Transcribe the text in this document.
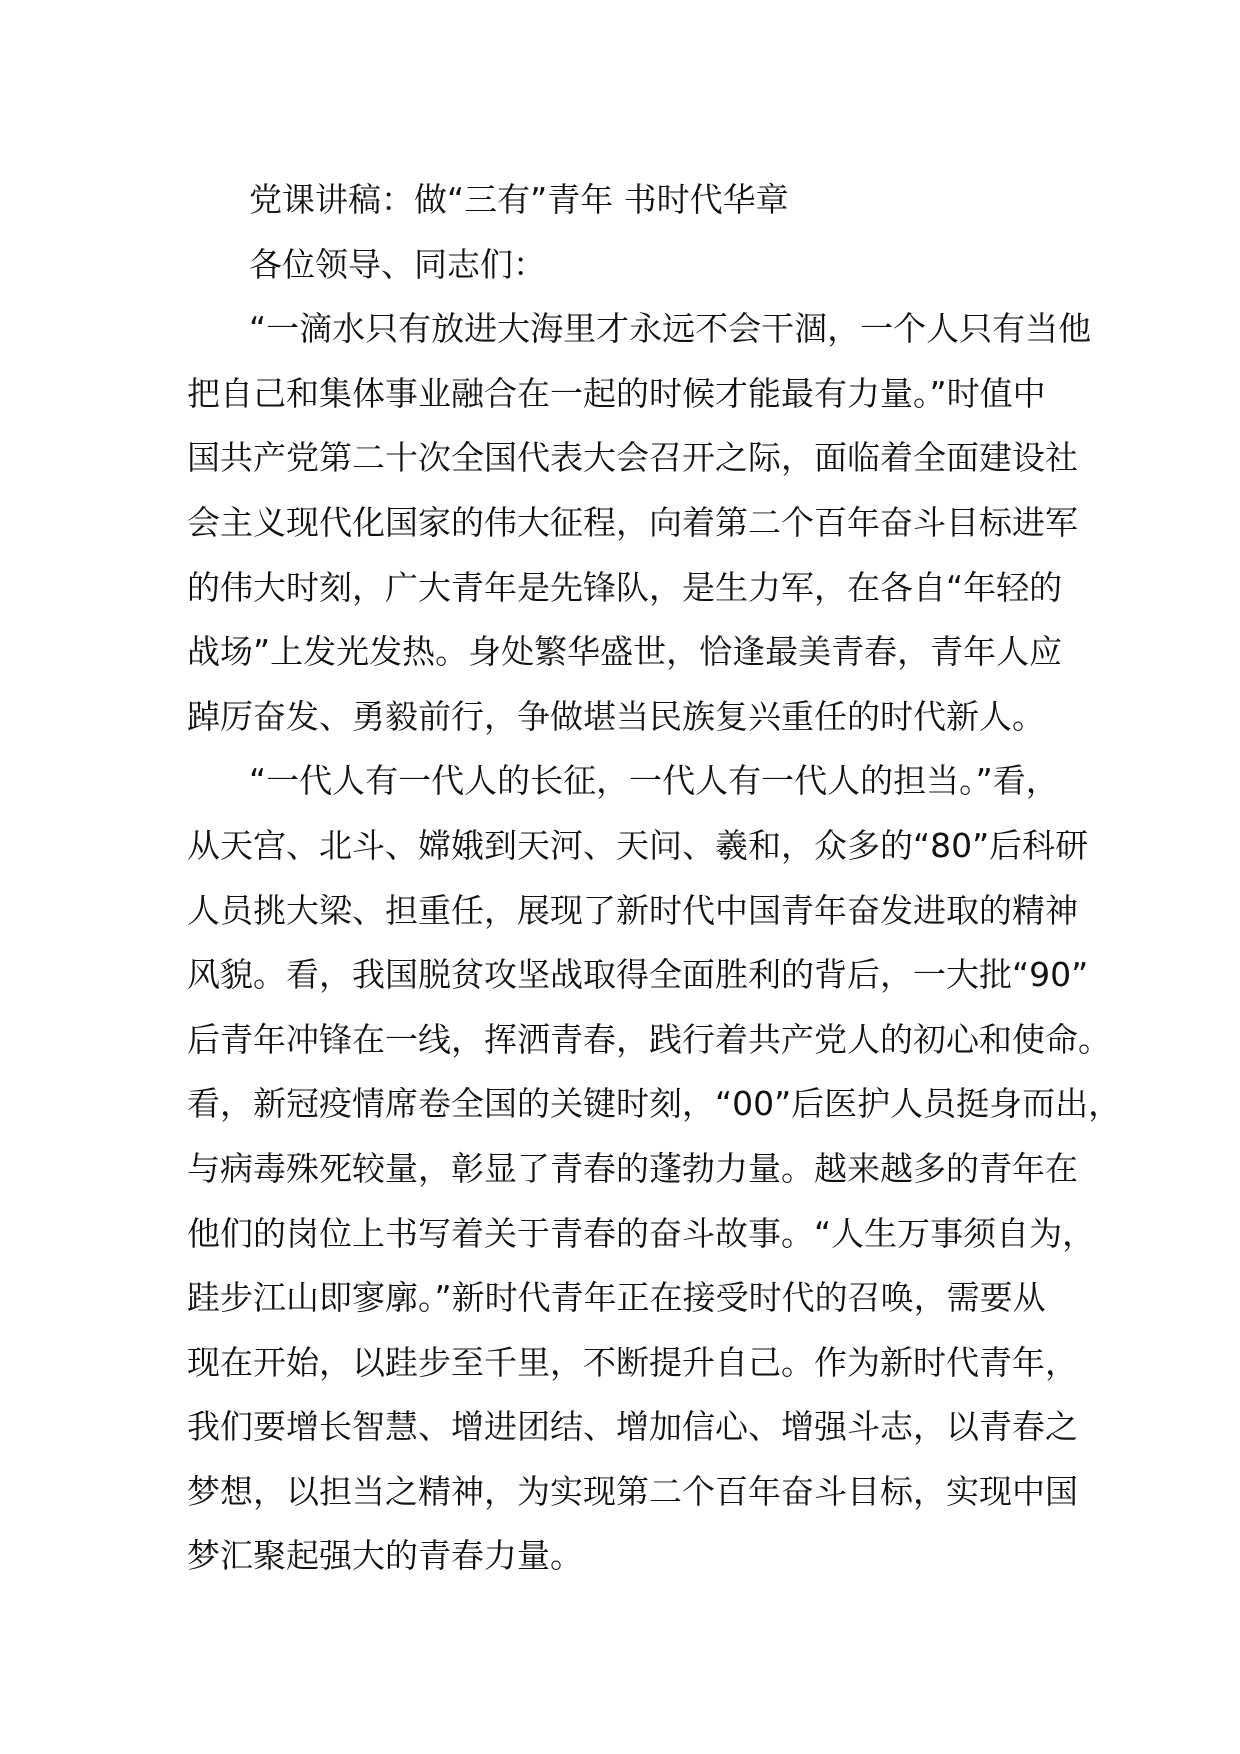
党课讲稿：做“三有”青年 书时代华章
各位领导、同志们：
“一滴水只有放进大海里才永远不会干涸，一个人只有当他
把自己和集体事业融合在一起的时候才能最有力量。”时值中
国共产党第二十次全国代表大会召开之际，面临着全面建设社
会主义现代化国家的伟大征程，向着第二个百年奋斗目标进军
的伟大时刻，广大青年是先锋队，是生力军，在各自“年轻的
战场”上发光发热。身处繁华盛世，恰逢最美青春，青年人应
踔厉奋发、勇毅前行，争做堪当民族复兴重任的时代新人。
“一代人有一代人的长征，一代人有一代人的担当。”看，
从天宫、北斗、嫦娥到天河、天问、羲和，众多的“80”后科研
人员挑大梁、担重任，展现了新时代中国青年奋发进取的精神
风貌。看，我国脱贫攻坚战取得全面胜利的背后，一大批“90”
后青年冲锋在一线，挥洒青春，践行着共产党人的初心和使命。
看，新冠疫情席卷全国的关键时刻，“00”后医护人员挺身而出，
与病毒殊死较量，彰显了青春的蓬勃力量。越来越多的青年在
他们的岗位上书写着关于青春的奋斗故事。“人生万事须自为，
跬步江山即寥廓。”新时代青年正在接受时代的召唤，需要从
现在开始，以跬步至千里，不断提升自己。作为新时代青年，
我们要增长智慧、增进团结、增加信心、增强斗志，以青春之
梦想，以担当之精神，为实现第二个百年奋斗目标，实现中国
梦汇聚起强大的青春力量。
